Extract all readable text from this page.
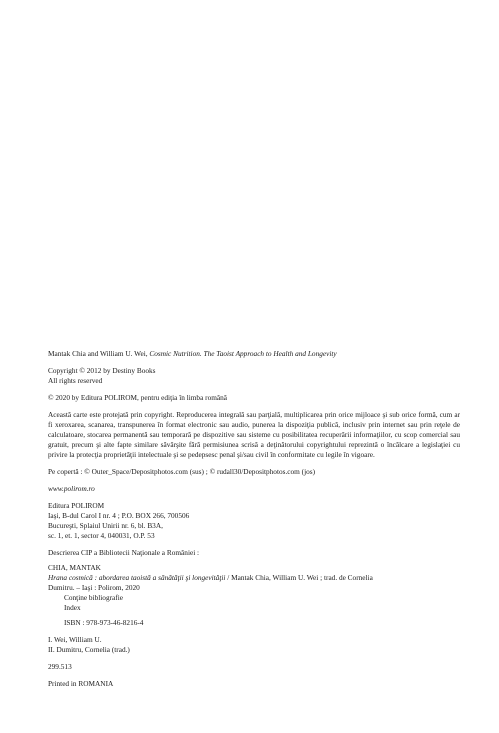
Mantak Chia and William U. Wei, Cosmic Nutrition. The Taoist Approach to Health and Longevity
Copyright © 2012 by Destiny Books
All rights reserved
© 2020 by Editura POLIROM, pentru ediţia în limba română
Această carte este protejată prin copyright. Reproducerea integrală sau parţială, multiplicarea prin orice mijloace şi sub orice formă, cum ar fi xeroxarea, scanarea, transpunerea în format electronic sau audio, punerea la dispoziţia publică, inclusiv prin internet sau prin reţele de calculatoare, stocarea permanentă sau temporară pe dispozitive sau sisteme cu posibilitatea recuperării informaţiilor, cu scop comercial sau gratuit, precum şi alte fapte similare săvârşite fără permisiunea scrisă a deţinătorului copyrightului reprezintă o încălcare a legislaţiei cu privire la protecţia proprietăţii intelectuale şi se pedepsesc penal şi/sau civil în conformitate cu legile în vigoare.
Pe copertă : © Outer_Space/Depositphotos.com (sus) ; © rudall30/Depositphotos.com (jos)
www.polirom.ro
Editura POLIROM
Iaşi, B-dul Carol I nr. 4 ; P.O. BOX 266, 700506
Bucureşti, Splaiul Unirii nr. 6, bl. B3A,
sc. 1, et. 1, sector 4, 040031, O.P. 53
Descrierea CIP a Bibliotecii Naţionale a României :
CHIA, MANTAK
Hrana cosmică : abordarea taoistă a sănătăţii şi longevităţii / Mantak Chia, William U. Wei ; trad. de Cornelia
Dumitru. – Iaşi : Polirom, 2020
Conţine bibliografie
Index
ISBN : 978-973-46-8216-4
I. Wei, William U.
II. Dumitru, Cornelia (trad.)
299.513
Printed in ROMANIA
